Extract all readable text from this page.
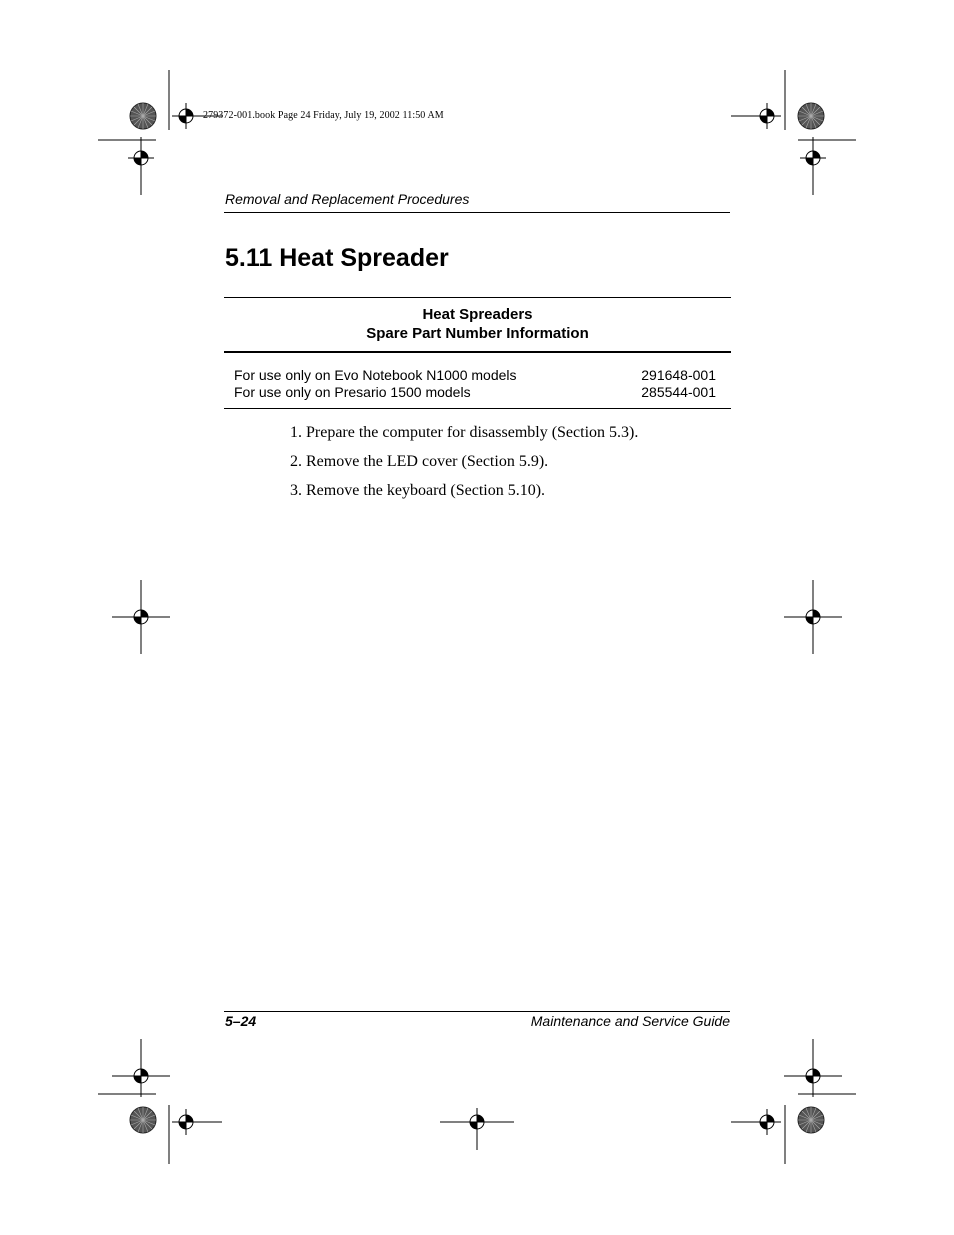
279372-001.book Page 24 Friday, July 19, 2002 11:50 AM
Removal and Replacement Procedures
5.11 Heat Spreader
Heat Spreaders
Spare Part Number Information
For use only on Evo Notebook N1000 models	291648-001
For use only on Presario 1500 models	285544-001
1. Prepare the computer for disassembly (Section 5.3).
2. Remove the LED cover (Section 5.9).
3. Remove the keyboard (Section 5.10).
5–24	Maintenance and Service Guide
